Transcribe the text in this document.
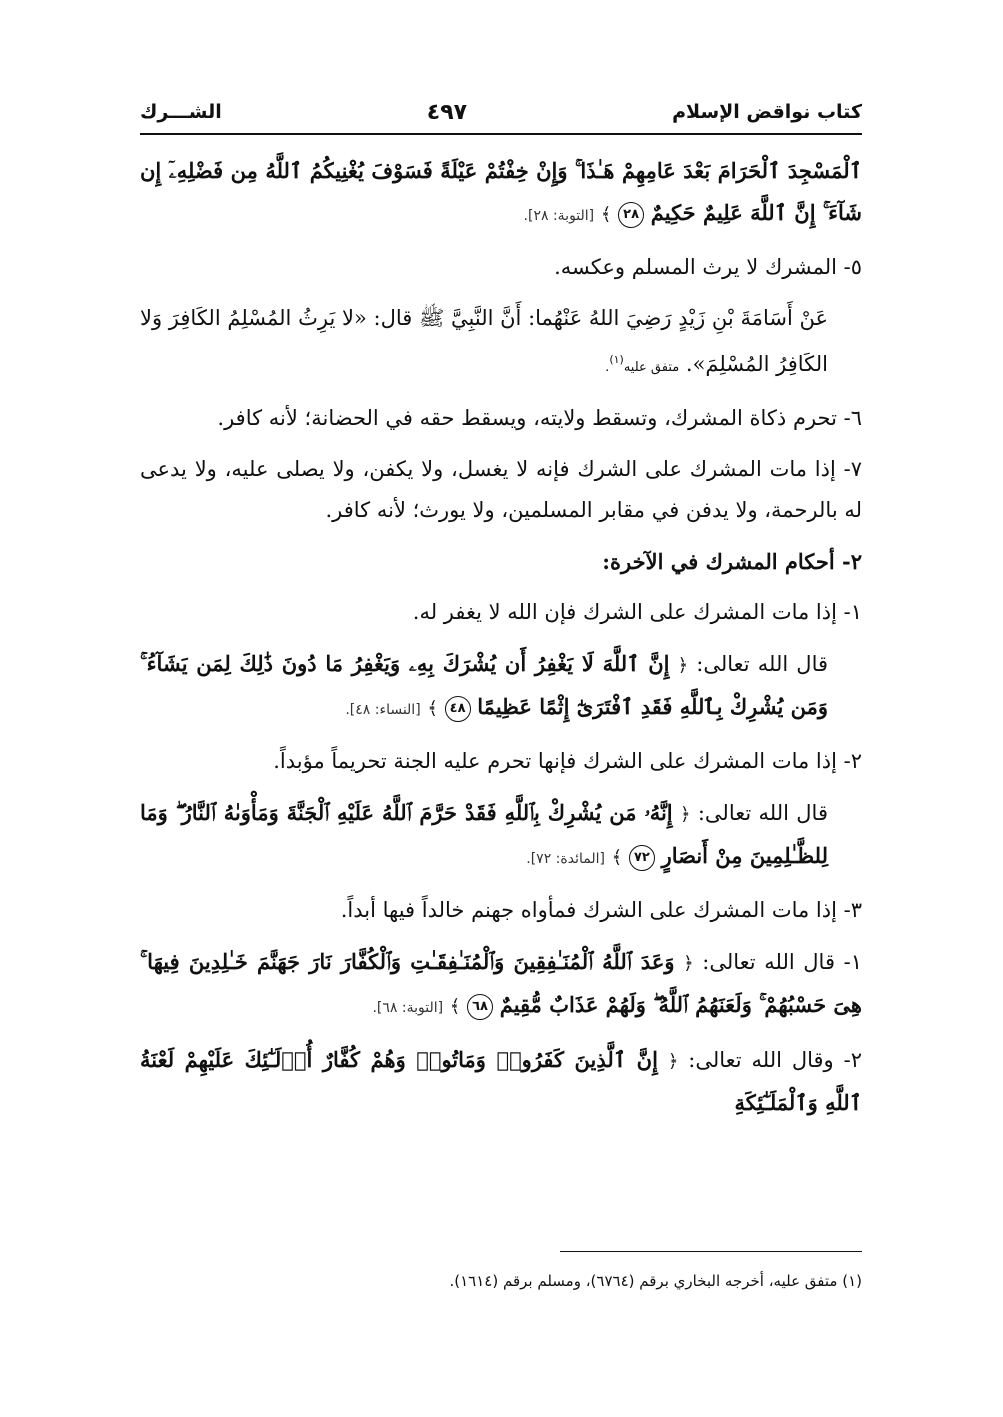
كتاب نواقض الإسلام
٤٩٧
الشـــرك

ٱلْمَسْجِدَ ٱلْحَرَامَ بَعْدَ عَامِهِمْ هَـٰذَا ۚ وَإِنْ خِفْتُمْ عَيْلَةً فَسَوْفَ يُغْنِيكُمُ ٱللَّهُ مِن فَضْلِهِۦٓ إِن شَآءَ ۚ إِنَّ ٱللَّهَ عَلِيمٌ حَكِيمٌ ٢٨ ﴾ [التوبة: ٢٨].

٥- المشرك لا يرث المسلم وعكسه.

عَنْ أَسَامَةَ بْنِ زَيْدٍ رَضِيَ اللهُ عَنْهُما: أَنَّ النَّبِيَّ ﷺ قال: «لا يَرِثُ المُسْلِمُ الكَافِرَ وَلا الكَافِرُ المُسْلِمَ». متفق عليه$^{(١)}$.

٦- تحرم ذكاة المشرك، وتسقط ولايته، ويسقط حقه في الحضانة؛ لأنه كافر.

٧- إذا مات المشرك على الشرك فإنه لا يغسل، ولا يكفن، ولا يصلى عليه، ولا يدعى له بالرحمة، ولا يدفن في مقابر المسلمين، ولا يورث؛ لأنه كافر.

٢- أحكام المشرك في الآخرة:

١- إذا مات المشرك على الشرك فإن الله لا يغفر له.

قال الله تعالى: ﴿ إِنَّ ٱللَّهَ لَا يَغْفِرُ أَن يُشْرَكَ بِهِۦ وَيَغْفِرُ مَا دُونَ ذَٰلِكَ لِمَن يَشَآءُ ۚ وَمَن يُشْرِكْ بِٱللَّهِ فَقَدِ ٱفْتَرَىٰٓ إِثْمًا عَظِيمًا ٤٨ ﴾ [النساء: ٤٨].

٢- إذا مات المشرك على الشرك فإنها تحرم عليه الجنة تحريماً مؤبداً.

قال الله تعالى: ﴿ إِنَّهُۥ مَن يُشْرِكْ بِٱللَّهِ فَقَدْ حَرَّمَ ٱللَّهُ عَلَيْهِ ٱلْجَنَّةَ وَمَأْوَىٰهُ ٱلنَّارُ ۖ وَمَا لِلظَّـٰلِمِينَ مِنْ أَنصَارٍ ٧٢ ﴾ [المائدة: ٧٢].

٣- إذا مات المشرك على الشرك فمأواه جهنم خالداً فيها أبداً.

١- قال الله تعالى: ﴿ وَعَدَ ٱللَّهُ ٱلْمُنَـٰفِقِينَ وَٱلْمُنَـٰفِقَـٰتِ وَٱلْكُفَّارَ نَارَ جَهَنَّمَ خَـٰلِدِينَ فِيهَا ۚ هِىَ حَسْبُهُمْ ۚ وَلَعَنَهُمُ ٱللَّهُ ۖ وَلَهُمْ عَذَابٌ مُّقِيمٌ ٦٨ ﴾ [التوبة: ٦٨].

٢- وقال الله تعالى: ﴿ إِنَّ ٱلَّذِينَ كَفَرُوا۟ وَمَاتُوا۟ وَهُمْ كُفَّارٌ أُو۟لَـٰٓئِكَ عَلَيْهِمْ لَعْنَةُ ٱللَّهِ وَٱلْمَلَـٰٓئِكَةِ

(١) متفق عليه، أخرجه البخاري برقم (٦٧٦٤)، ومسلم برقم (١٦١٤).
